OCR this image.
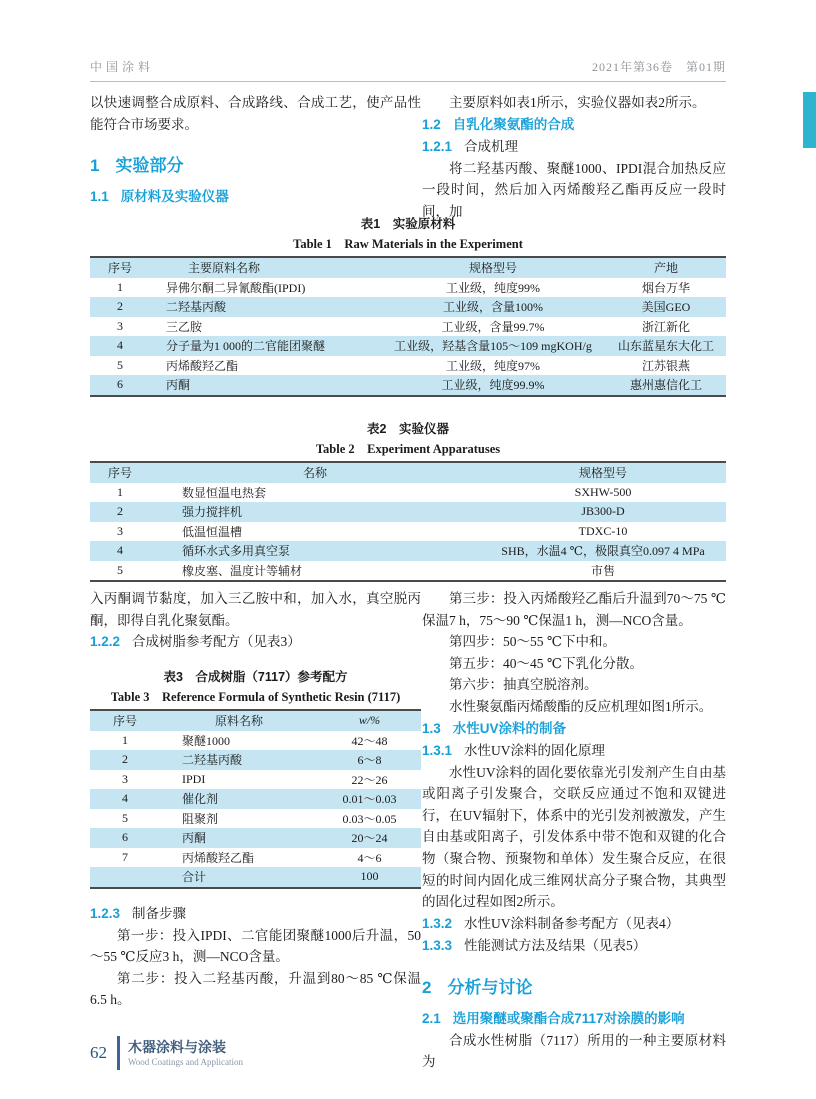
中国涂料	2021年第36卷　第01期

以快速调整合成原料、合成路线、合成工艺，使产品性能符合市场要求。

1 实验部分
1.1 原材料及实验仪器

主要原料如表1所示，实验仪器如表2所示。

1.2 自乳化聚氨酯的合成
1.2.1 合成机理

将二羟基丙酸、聚醚1000、IPDI混合加热反应一段时间，然后加入丙烯酸羟乙酯再反应一段时间，加

表1　实验原材料
Table 1　Raw Materials in the Experiment
序号	主要原料名称	规格型号	产地
1	异佛尔酮二异氰酸酯(IPDI)	工业级，纯度99%	烟台万华
2	二羟基丙酸	工业级，含量100%	美国GEO
3	三乙胺	工业级，含量99.7%	浙江新化
4	分子量为1 000的二官能团聚醚	工业级，羟基含量105～109 mgKOH/g	山东蓝星东大化工
5	丙烯酸羟乙酯	工业级，纯度97%	江苏银燕
6	丙酮	工业级，纯度99.9%	惠州惠信化工
表2　实验仪器
Table 2　Experiment Apparatuses
序号	名称	规格型号
1	数显恒温电热套	SXHW-500
2	强力搅拌机	JB300-D
3	低温恒温槽	TDXC-10
4	循环水式多用真空泵	SHB，水温4 ℃，极限真空0.097 4 MPa
5	橡皮塞、温度计等辅材	市售

入丙酮调节黏度，加入三乙胺中和，加入水，真空脱丙酮，即得自乳化聚氨酯。

1.2.2 合成树脂参考配方（见表3）
表3　合成树脂（7117）参考配方
Table 3　Reference Formula of Synthetic Resin (7117)
序号	原料名称	w/%
1	聚醚1000	42～48
2	二羟基丙酸	6～8
3	IPDI	22～26
4	催化剂	0.01～0.03
5	阻聚剂	0.03～0.05
6	丙酮	20～24
7	丙烯酸羟乙酯	4～6
	合计	100
1.2.3 制备步骤

第一步：投入IPDI、二官能团聚醚1000后升温，50～55 ℃反应3 h，测—NCO含量。

第二步：投入二羟基丙酸，升温到80～85 ℃保温6.5 h。

第三步：投入丙烯酸羟乙酯后升温到70～75 ℃保温7 h，75～90 ℃保温1 h，测—NCO含量。

第四步：50～55 ℃下中和。

第五步：40～45 ℃下乳化分散。

第六步：抽真空脱溶剂。

水性聚氨酯丙烯酸酯的反应机理如图1所示。

1.3 水性UV涂料的制备
1.3.1 水性UV涂料的固化原理

水性UV涂料的固化要依靠光引发剂产生自由基或阳离子引发聚合，交联反应通过不饱和双键进行，在UV辐射下，体系中的光引发剂被激发，产生自由基或阳离子，引发体系中带不饱和双键的化合物（聚合物、预聚物和单体）发生聚合反应，在很短的时间内固化成三维网状高分子聚合物，其典型的固化过程如图2所示。

1.3.2 水性UV涂料制备参考配方（见表4）
1.3.3 性能测试方法及结果（见表5）
2 分析与讨论
2.1 选用聚醚或聚酯合成7117对涂膜的影响

合成水性树脂（7117）所用的一种主要原材料为

62 木器涂料与涂装
Wood Coatings and Application
